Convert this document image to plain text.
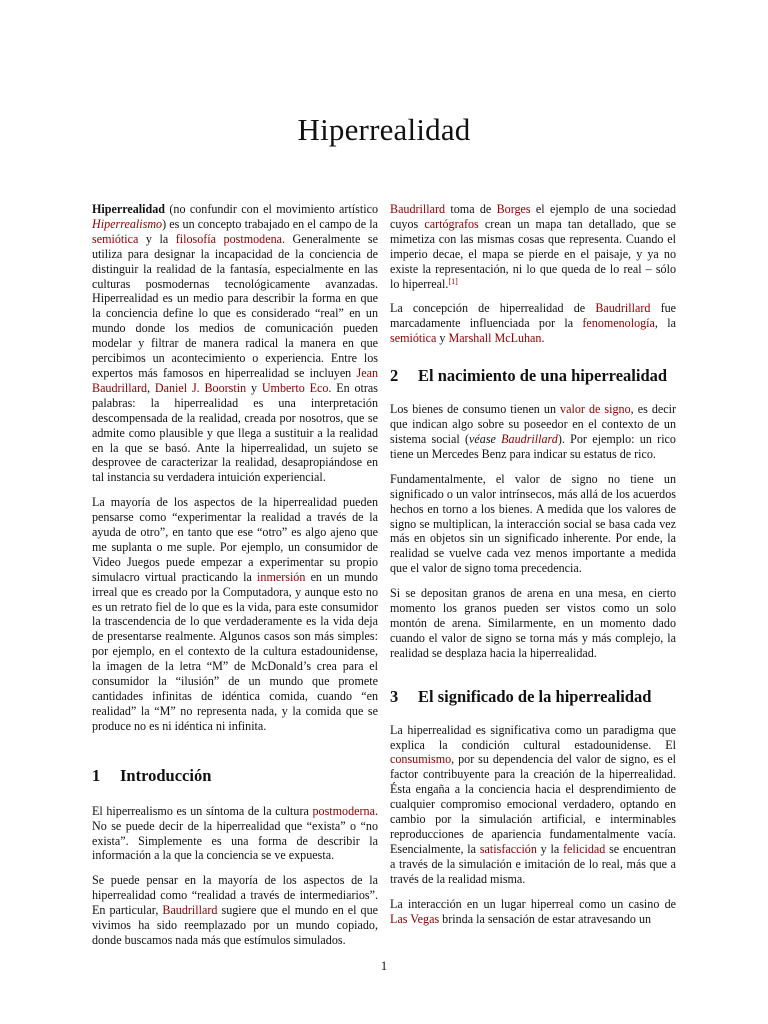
Hiperrealidad

Hiperrealidad (no confundir con el movimiento artístico Hiperrealismo) es un concepto trabajado en el campo de la semiótica y la filosofía postmodena. Generalmente se utiliza para designar la incapacidad de la conciencia de distinguir la realidad de la fantasía, especialmente en las culturas posmodernas tecnológicamente avanzadas. Hiperrealidad es un medio para describir la forma en que la conciencia define lo que es considerado “real” en un mundo donde los medios de comunicación pueden modelar y filtrar de manera radical la manera en que percibimos un acontecimiento o experiencia. Entre los expertos más famosos en hiperrealidad se incluyen Jean Baudrillard, Daniel J. Boorstin y Umberto Eco. En otras palabras: la hiperrealidad es una interpretación descompensada de la realidad, creada por nosotros, que se admite como plausible y que llega a sustituir a la realidad en la que se basó. Ante la hiperrealidad, un sujeto se desprovee de caracterizar la realidad, desapropiándose en tal instancia su verdadera intuición experiencial.

La mayoría de los aspectos de la hiperrealidad pueden pensarse como “experimentar la realidad a través de la ayuda de otro”, en tanto que ese “otro” es algo ajeno que me suplanta o me suple. Por ejemplo, un consumidor de Video Juegos puede empezar a experimentar su propio simulacro virtual practicando la inmersión en un mundo irreal que es creado por la Computadora, y aunque esto no es un retrato fiel de lo que es la vida, para este consumidor la trascendencia de lo que verdaderamente es la vida deja de presentarse realmente. Algunos casos son más simples: por ejemplo, en el contexto de la cultura estadounidense, la imagen de la letra “M” de McDonald’s crea para el consumidor la “ilusión” de un mundo que promete cantidades infinitas de idéntica comida, cuando “en realidad” la “M” no representa nada, y la comida que se produce no es ni idéntica ni infinita.

1	Introducción

El hiperrealismo es un síntoma de la cultura postmoderna. No se puede decir de la hiperrealidad que “exista” o “no exista”. Simplemente es una forma de describir la información a la que la conciencia se ve expuesta.

Se puede pensar en la mayoría de los aspectos de la hiperrealidad como “realidad a través de intermediarios”. En particular, Baudrillard sugiere que el mundo en el que vivimos ha sido reemplazado por un mundo copiado, donde buscamos nada más que estímulos simulados.

Baudrillard toma de Borges el ejemplo de una sociedad cuyos cartógrafos crean un mapa tan detallado, que se mimetiza con las mismas cosas que representa. Cuando el imperio decae, el mapa se pierde en el paisaje, y ya no existe la representación, ni lo que queda de lo real – sólo lo hiperreal.[1]

La concepción de hiperrealidad de Baudrillard fue marcadamente influenciada por la fenomenología, la semiótica y Marshall McLuhan.

2	El nacimiento de una hiperrealidad

Los bienes de consumo tienen un valor de signo, es decir que indican algo sobre su poseedor en el contexto de un sistema social (véase Baudrillard). Por ejemplo: un rico tiene un Mercedes Benz para indicar su estatus de rico.

Fundamentalmente, el valor de signo no tiene un significado o un valor intrínsecos, más allá de los acuerdos hechos en torno a los bienes. A medida que los valores de signo se multiplican, la interacción social se basa cada vez más en objetos sin un significado inherente. Por ende, la realidad se vuelve cada vez menos importante a medida que el valor de signo toma precedencia.

Si se depositan granos de arena en una mesa, en cierto momento los granos pueden ser vistos como un solo montón de arena. Similarmente, en un momento dado cuando el valor de signo se torna más y más complejo, la realidad se desplaza hacia la hiperrealidad.

3	El significado de la hiperrealidad

La hiperrealidad es significativa como un paradigma que explica la condición cultural estadounidense. El consumismo, por su dependencia del valor de signo, es el factor contribuyente para la creación de la hiperrealidad. Ésta engaña a la conciencia hacia el desprendimiento de cualquier compromiso emocional verdadero, optando en cambio por la simulación artificial, e interminables reproducciones de apariencia fundamentalmente vacía. Esencialmente, la satisfacción y la felicidad se encuentran a través de la simulación e imitación de lo real, más que a través de la realidad misma.

La interacción en un lugar hiperreal como un casino de Las Vegas brinda la sensación de estar atravesando un

1
